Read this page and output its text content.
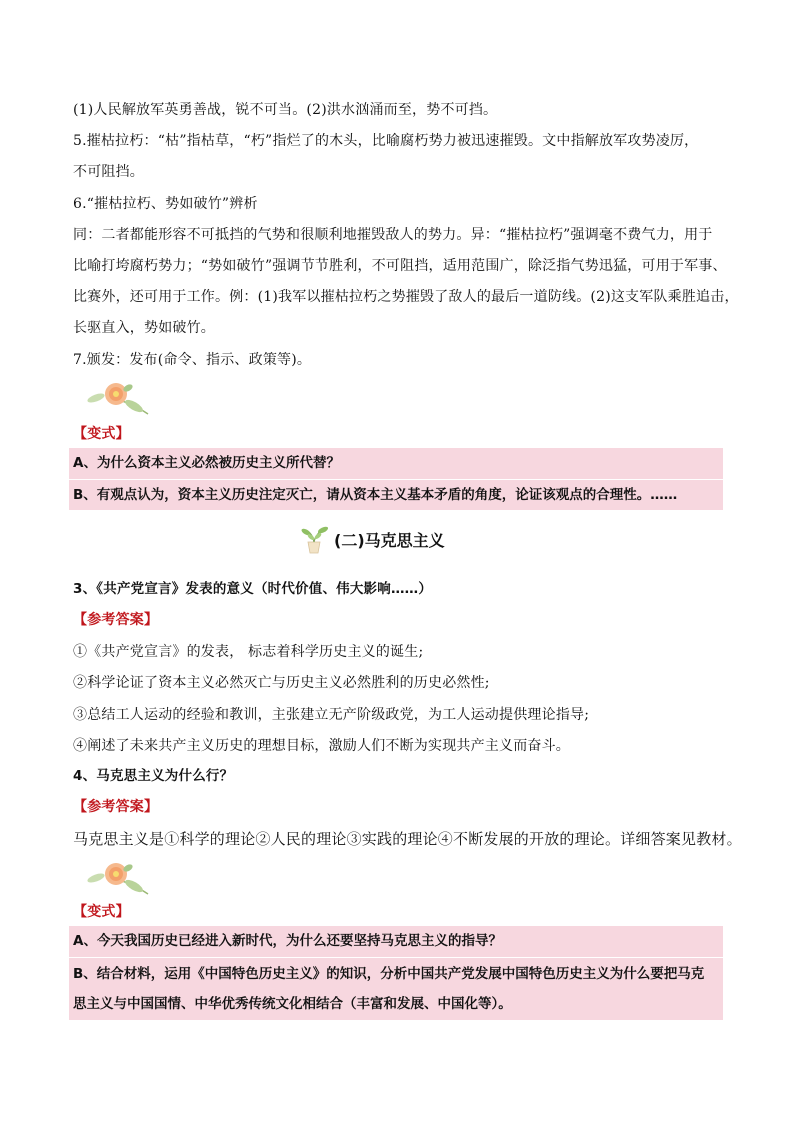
(1)人民解放军英勇善战，锐不可当。(2)洪水汹涌而至，势不可挡。
5.摧枯拉朽：“枯”指枯草，“朽”指烂了的木头，比喻腐朽势力被迅速摧毁。文中指解放军攻势凌厉，
不可阻挡。
6.“摧枯拉朽、势如破竹”辨析
同：二者都能形容不可抵挡的气势和很顺利地摧毁敌人的势力。异：“摧枯拉朽”强调毫不费气力，用于
比喻打垮腐朽势力；“势如破竹”强调节节胜利，不可阻挡，适用范围广，除泛指气势迅猛，可用于军事、
比赛外，还可用于工作。例：(1)我军以摧枯拉朽之势摧毁了敌人的最后一道防线。(2)这支军队乘胜追击，
长驱直入，势如破竹。
7.颁发：发布(命令、指示、政策等)。
【变式】
A、为什么资本主义必然被历史主义所代替？
B、有观点认为，资本主义历史注定灭亡，请从资本主义基本矛盾的角度，论证该观点的合理性。……
(二)马克思主义
3、《共产党宣言》发表的意义（时代价值、伟大影响……）
【参考答案】
①《共产党宣言》的发表， 标志着科学历史主义的诞生;
②科学论证了资本主义必然灭亡与历史主义必然胜利的历史必然性;
③总结工人运动的经验和教训，主张建立无产阶级政党，为工人运动提供理论指导;
④阐述了未来共产主义历史的理想目标，激励人们不断为实现共产主义而奋斗。
4、马克思主义为什么行？
【参考答案】
马克思主义是①科学的理论②人民的理论③实践的理论④不断发展的开放的理论。详细答案见教材。
【变式】
A、今天我国历史已经进入新时代，为什么还要坚持马克思主义的指导？
B、结合材料，运用《中国特色历史主义》的知识，分析中国共产党发展中国特色历史主义为什么要把马克
思主义与中国国情、中华优秀传统文化相结合（丰富和发展、中国化等）。
